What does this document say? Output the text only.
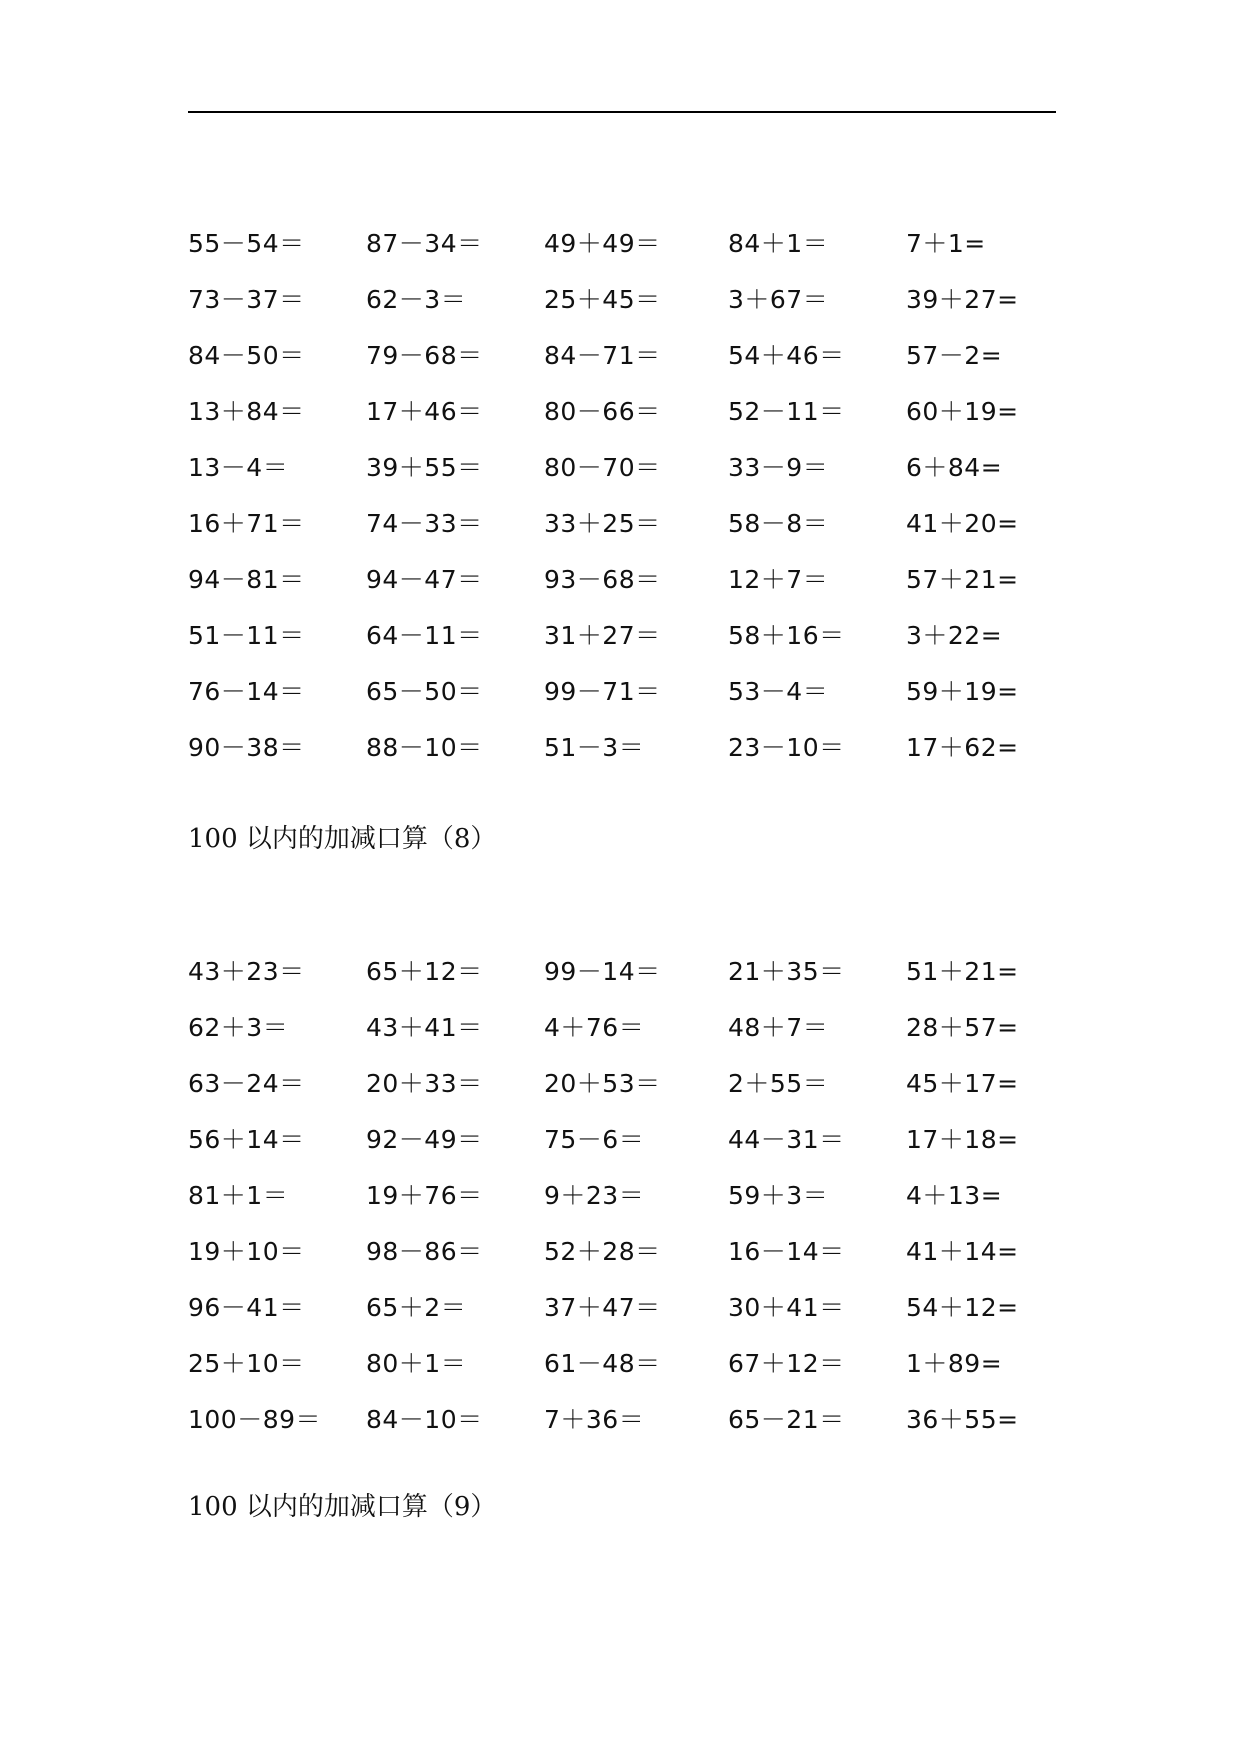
55－54＝ 87－34＝ 49＋49＝	84＋1＝	7＋1=
73－37＝ 62－3＝	25＋45＝	3＋67＝	39＋27=
84－50＝ 79－68＝ 84－71＝	54＋46＝ 57－2=
13＋84＝ 17＋46＝ 80－66＝	52－11＝ 60＋19=
13－4＝	39＋55＝ 80－70＝	33－9＝	6＋84=
16＋71＝ 74－33＝ 33＋25＝	58－8＝	41＋20=
94－81＝ 94－47＝ 93－68＝	12＋7＝	57＋21=
51－11＝ 64－11＝ 31＋27＝	58＋16＝ 3＋22=
76－14＝ 65－50＝ 99－71＝	53－4＝	59＋19=
90－38＝ 88－10＝ 51－3＝	23－10＝ 17＋62=
100 以内的加减口算（8）
43＋23＝ 65＋12＝ 99－14＝	21＋35＝ 51＋21=
62＋3＝	43＋41＝ 4＋76＝	48＋7＝	28＋57=
63－24＝ 20＋33＝ 20＋53＝	2＋55＝	45＋17=
56＋14＝ 92－49＝ 75－6＝	44－31＝ 17＋18=
81＋1＝	19＋76＝ 9＋23＝	59＋3＝	4＋13=
19＋10＝ 98－86＝ 52＋28＝	16－14＝ 41＋14=
96－41＝ 65＋2＝	37＋47＝	30＋41＝ 54＋12=
25＋10＝ 80＋1＝	61－48＝	67＋12＝ 1＋89=
100－89＝ 84－10＝ 7＋36＝	65－21＝ 36＋55=
100 以内的加减口算（9）
